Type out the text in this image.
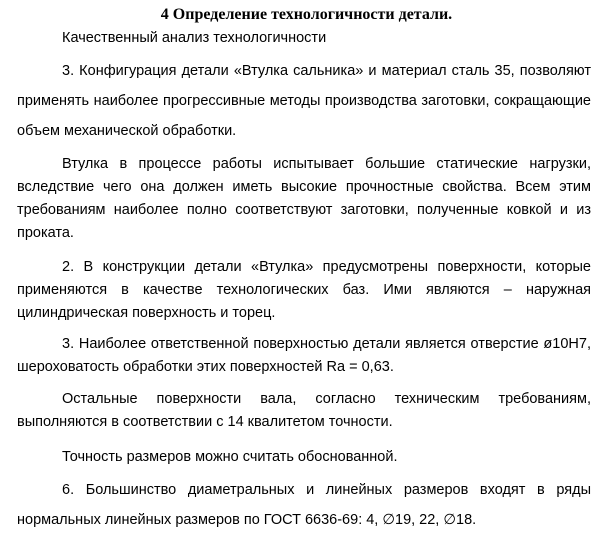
4 Определение технологичности детали.
Качественный анализ технологичности

3. Конфигурация детали «Втулка сальника» и материал сталь 35, позволяют применять наиболее прогрессивные методы производства заготовки, сокращающие объем механической обработки.

Втулка в процессе работы испытывает большие статические нагрузки, вследствие чего она должен иметь высокие прочностные свойства. Всем этим требованиям наиболее полно соответствуют заготовки, полученные ковкой и из проката.

2. В конструкции детали «Втулка» предусмотрены поверхности, которые применяются в качестве технологических баз. Ими являются – наружная цилиндрическая поверхность и торец.

3. Наиболее ответственной поверхностью детали является отверстие ø10Н7, шероховатость обработки этих поверхностей Ra = 0,63.

Остальные поверхности вала, согласно техническим требованиям, выполняются в соответствии с 14 квалитетом точности.

Точность размеров можно считать обоснованной.

6. Большинство диаметральных и линейных размеров входят в ряды нормальных линейных размеров по ГОСТ 6636-69: 4, ∅19, 22, ∅18.
